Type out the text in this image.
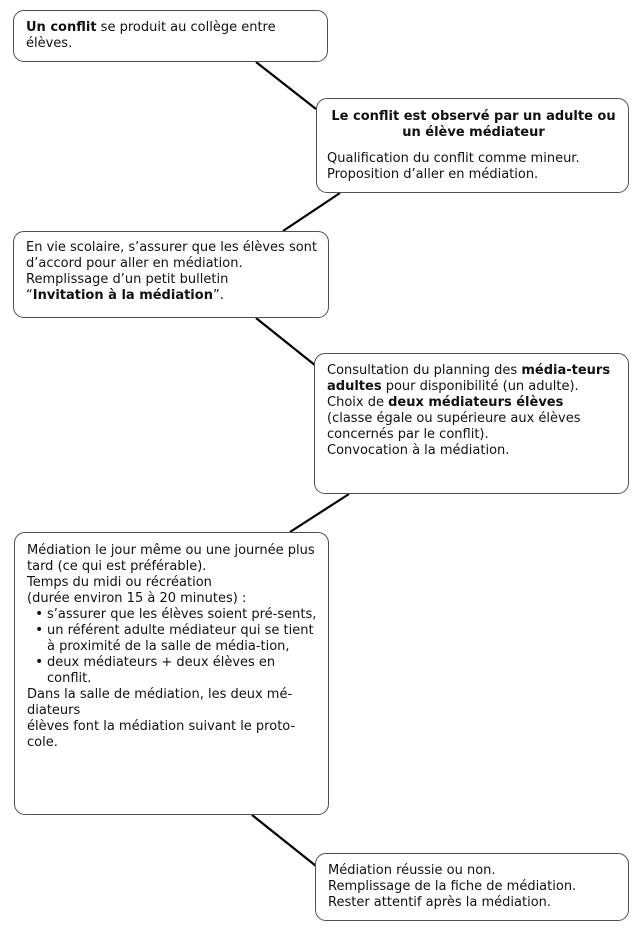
Un conflit se produit au collège entre élèves.

Le conflit est observé par un adulte ou un élève médiateur

Qualification du conflit comme mineur.

Proposition d’aller en médiation.

En vie scolaire, s’assurer que les élèves sont d’accord pour aller en médiation.

Remplissage d’un petit bulletin

“Invitation à la médiation”.

Consultation du planning des média-teurs adultes pour disponibilité (un adulte).

Choix de deux médiateurs élèves

(classe égale ou supérieure aux élèves concernés par le conflit).

Convocation à la médiation.

Médiation le jour même ou une journée plus tard (ce qui est préférable).

Temps du midi ou récréation

(durée environ 15 à 20 minutes) :

• s’assurer que les élèves soient pré-sents,
• un référent adulte médiateur qui se tient à proximité de la salle de média-tion,
• deux médiateurs + deux élèves en conflit.

Dans la salle de médiation, les deux mé-diateurs

élèves font la médiation suivant le proto-cole.

Médiation réussie ou non.

Remplissage de la fiche de médiation.

Rester attentif après la médiation.
